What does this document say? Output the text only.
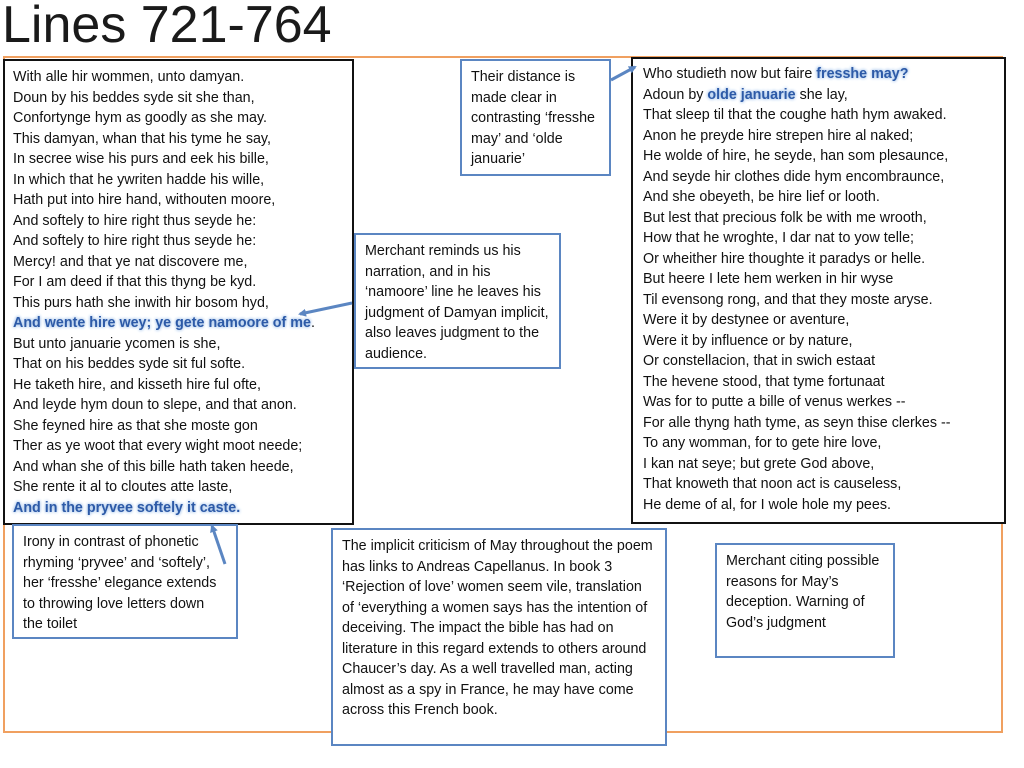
Lines 721-764
With alle hir wommen, unto damyan.
Doun by his beddes syde sit she than,
Confortynge hym as goodly as she may.
This damyan, whan that his tyme he say,
In secree wise his purs and eek his bille,
In which that he ywriten hadde his wille,
Hath put into hire hand, withouten moore,
And softely to hire right thus seyde he:
And softely to hire right thus seyde he:
Mercy! and that ye nat discovere me,
For I am deed if that this thyng be kyd.
This purs hath she inwith hir bosom hyd,
And wente hire wey; ye gete namoore of me.
But unto januarie ycomen is she,
That on his beddes syde sit ful softe.
He taketh hire, and kisseth hire ful ofte,
And leyde hym doun to slepe, and that anon.
She feyned hire as that she moste gon
Ther as ye woot that every wight moot neede;
And whan she of this bille hath taken heede,
She rente it al to cloutes atte laste,
And in the pryvee softely it caste.
Who studieth now but faire fresshe may?
Adoun by olde januarie she lay,
That sleep til that the coughe hath hym awaked.
Anon he preyde hire strepen hire al naked;
He wolde of hire, he seyde, han som plesaunce,
And seyde hir clothes dide hym encombraunce,
And she obeyeth, be hire lief or looth.
But lest that precious folk be with me wrooth,
How that he wroghte, I dar nat to yow telle;
Or wheither hire thoughte it paradys or helle.
But heere I lete hem werken in hir wyse
Til evensong rong, and that they moste aryse.
Were it by destynee or aventure,
Were it by influence or by nature,
Or constellacion, that in swich estaat
The hevene stood, that tyme fortunaat
Was for to putte a bille of venus werkes --
For alle thyng hath tyme, as seyn thise clerkes --
To any womman, for to gete hire love,
I kan nat seye; but grete God above,
That knoweth that noon act is causeless,
He deme of al, for I wole hole my pees.
Their distance is made clear in contrasting ‘fresshe may’ and ‘olde januarie’
Merchant reminds us his narration, and in his ‘namoore’ line he leaves his judgment of Damyan implicit, also leaves judgment to the audience.
Irony in contrast of phonetic rhyming ‘pryvee’ and ‘softely’, her ‘fresshe’ elegance extends to throwing love letters down the toilet
The implicit criticism of May throughout the poem has links to Andreas Capellanus. In book 3 ‘Rejection of love’ women seem vile, translation of ‘everything a women says has the intention of deceiving. The impact the bible has had on literature in this regard extends to others around Chaucer’s day. As a well travelled man, acting almost as a spy in France, he may have come across this French book.
Merchant citing possible reasons for May’s deception. Warning of God’s judgment
